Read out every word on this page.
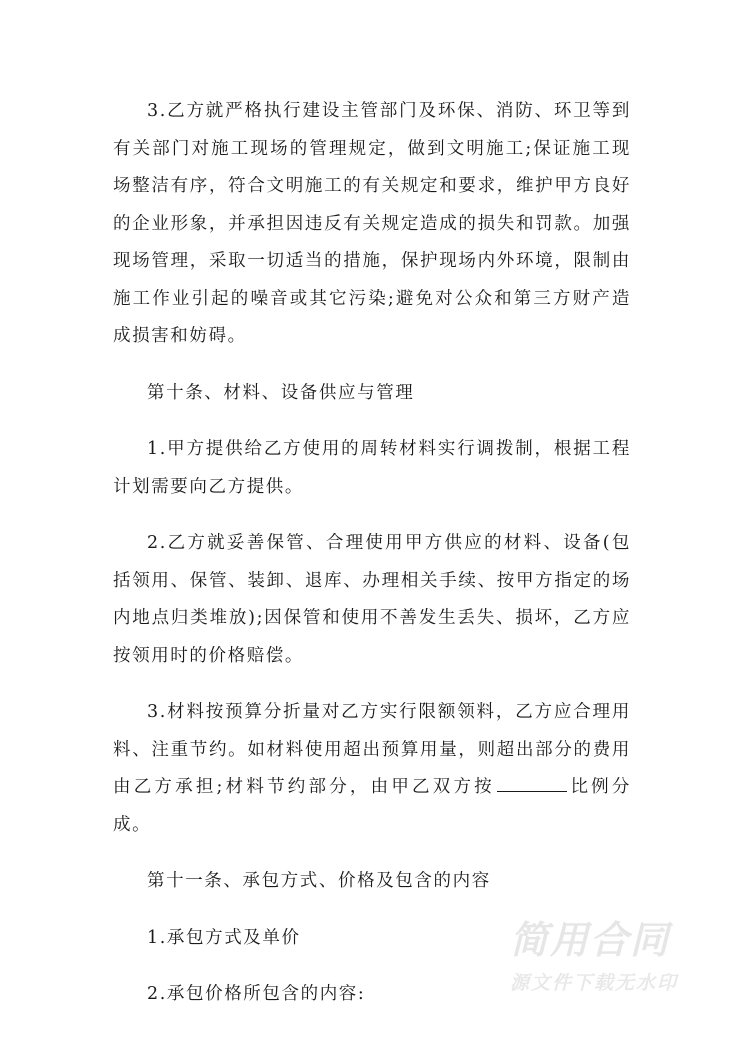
3.乙方就严格执行建设主管部门及环保、消防、环卫等到有关部门对施工现场的管理规定，做到文明施工;保证施工现场整洁有序，符合文明施工的有关规定和要求，维护甲方良好的企业形象，并承担因违反有关规定造成的损失和罚款。加强现场管理，采取一切适当的措施，保护现场内外环境，限制由施工作业引起的噪音或其它污染;避免对公众和第三方财产造成损害和妨碍。

第十条、材料、设备供应与管理

1.甲方提供给乙方使用的周转材料实行调拨制，根据工程计划需要向乙方提供。

2.乙方就妥善保管、合理使用甲方供应的材料、设备(包括领用、保管、装卸、退库、办理相关手续、按甲方指定的场内地点归类堆放);因保管和使用不善发生丢失、损坏，乙方应按领用时的价格赔偿。

3.材料按预算分折量对乙方实行限额领料，乙方应合理用料、注重节约。如材料使用超出预算用量，则超出部分的费用由乙方承担;材料节约部分，由甲乙双方按	比例分成。

第十一条、承包方式、价格及包含的内容

1.承包方式及单价

2.承包价格所包含的内容:

简用合同
源文件下载无水印
